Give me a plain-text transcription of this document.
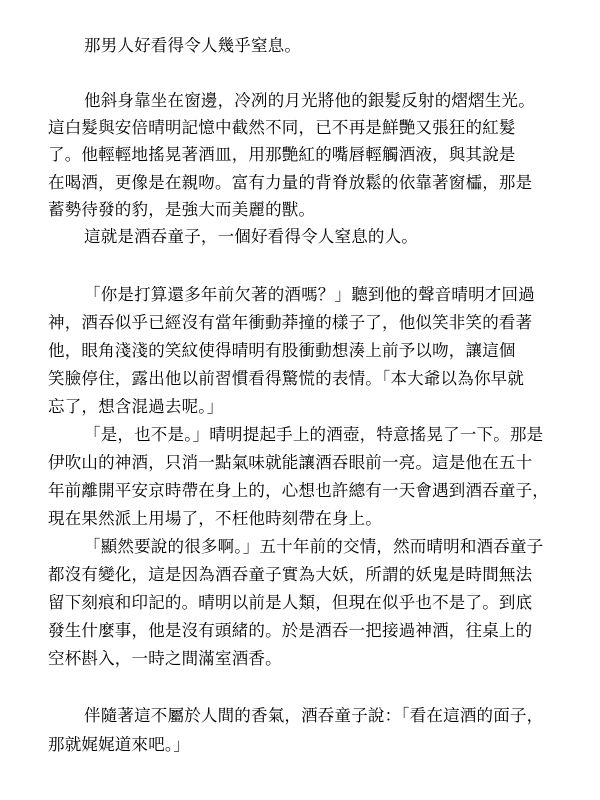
那男人好看得令人幾乎窒息。
他斜身靠坐在窗邊，冷冽的月光將他的銀髮反射的熠熠生光。
這白髮與安倍晴明記憶中截然不同，已不再是鮮艷又張狂的紅髮
了。他輕輕地搖晃著酒皿，用那艷紅的嘴唇輕觸酒液，與其說是
在喝酒，更像是在親吻。富有力量的背脊放鬆的依靠著窗櫺，那是
蓄勢待發的豹，是強大而美麗的獸。
這就是酒吞童子，一個好看得令人窒息的人。
「你是打算還多年前欠著的酒嗎？」聽到他的聲音晴明才回過
神，酒吞似乎已經沒有當年衝動莽撞的樣子了，他似笑非笑的看著
他，眼角淺淺的笑紋使得晴明有股衝動想湊上前予以吻，讓這個
笑臉停住，露出他以前習慣看得驚慌的表情。「本大爺以為你早就
忘了，想含混過去呢。」
「是，也不是。」晴明提起手上的酒壺，特意搖晃了一下。那是
伊吹山的神酒，只消一點氣味就能讓酒吞眼前一亮。這是他在五十
年前離開平安京時帶在身上的，心想也許總有一天會遇到酒吞童子，
現在果然派上用場了，不枉他時刻帶在身上。
「顯然要說的很多啊。」五十年前的交情，然而晴明和酒吞童子
都沒有變化，這是因為酒吞童子實為大妖，所謂的妖鬼是時間無法
留下刻痕和印記的。晴明以前是人類，但現在似乎也不是了。到底
發生什麼事，他是沒有頭緒的。於是酒吞一把接過神酒，往桌上的
空杯斟入，一時之間滿室酒香。
伴隨著這不屬於人間的香氣，酒吞童子說：「看在這酒的面子，
那就娓娓道來吧。」
